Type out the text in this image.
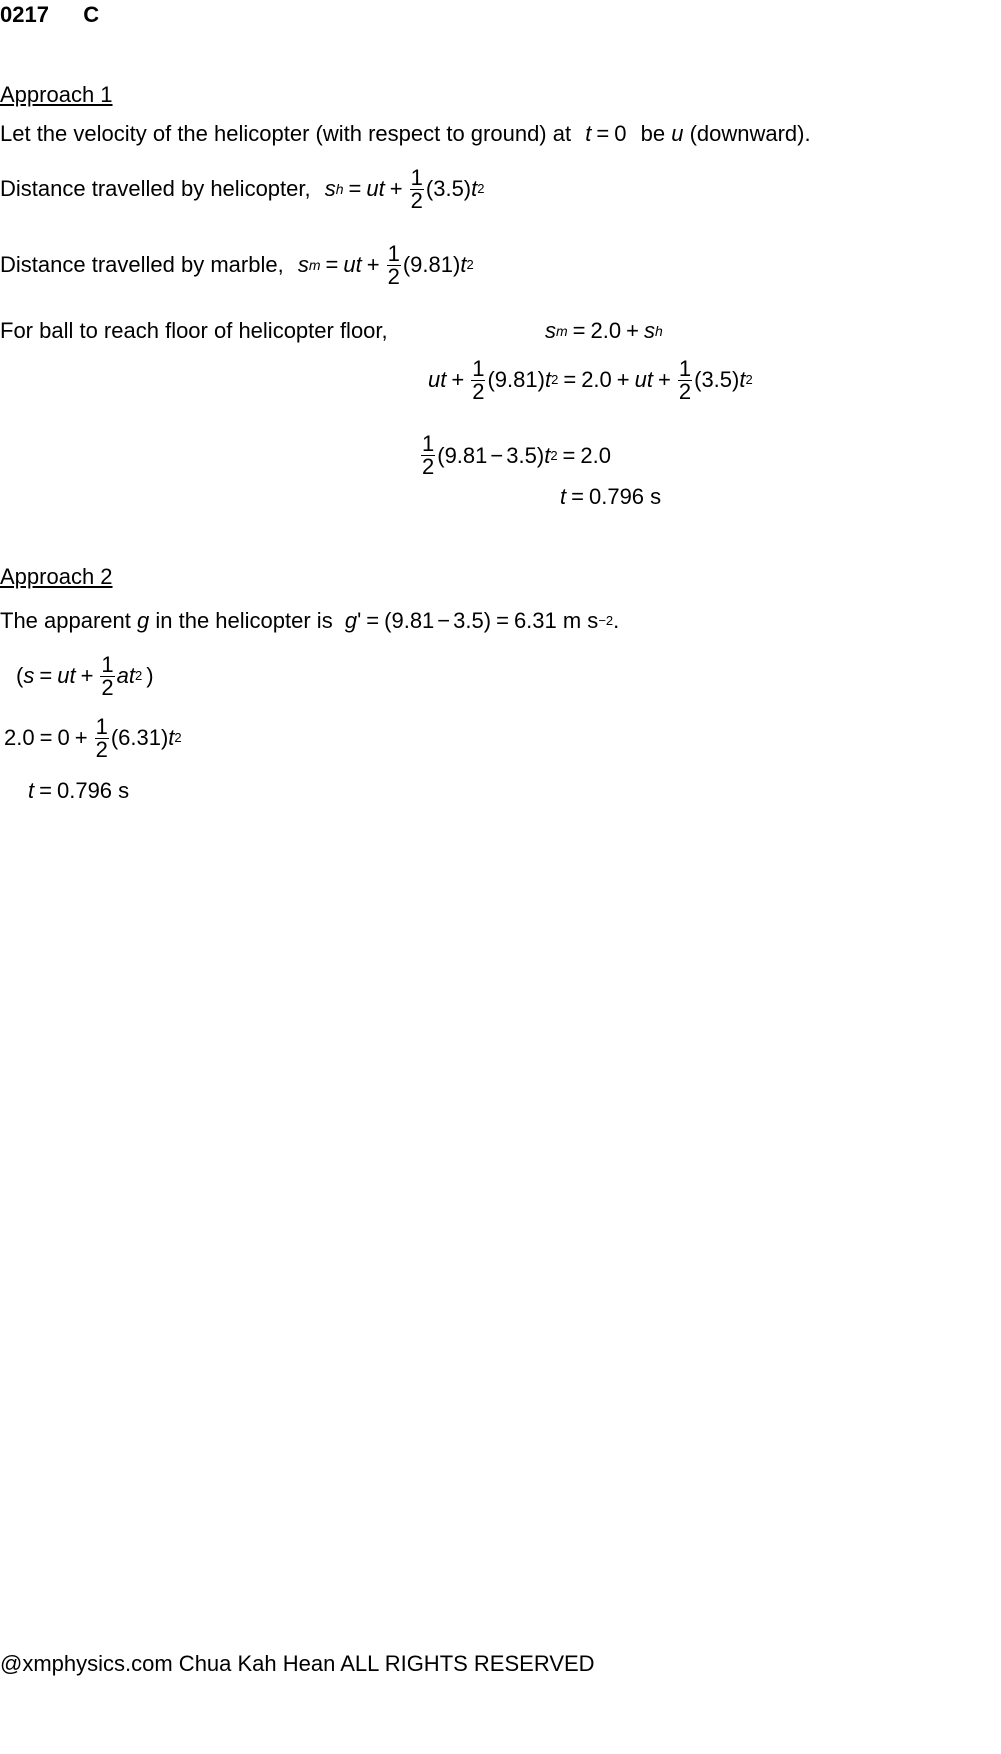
0217 C
Approach 1
Let the velocity of the helicopter (with respect to ground) at t = 0 be u (downward).
Distance travelled by helicopter, s h = u $t + \frac{1}{2} (3.5)$ t 2
Distance travelled by marble, s m = u $t + \frac{1}{2} (9.81)$ t 2
For ball to reach floor of helicopter floor,	s m = 2.0 + s h
u $t + \frac{1}{2} (9.81)$ t 2 = 2.0 + u $t + \frac{1}{2} (3.5)$ t 2
$\frac{1}{2} (9.81 - 3.5)$ t 2 = 2.0
t = 0.796 s
Approach 2
The apparent g in the helicopter is g ' = (9.81 − 3.5) = 6.31 m s −2 .
( s = u $t + \frac{1}{2}$ a t 2 )
$2.0 = 0 + \frac{1}{2} (6.31)$ t 2
t = 0.796 s
@xmphysics.com Chua Kah Hean ALL RIGHTS RESERVED
